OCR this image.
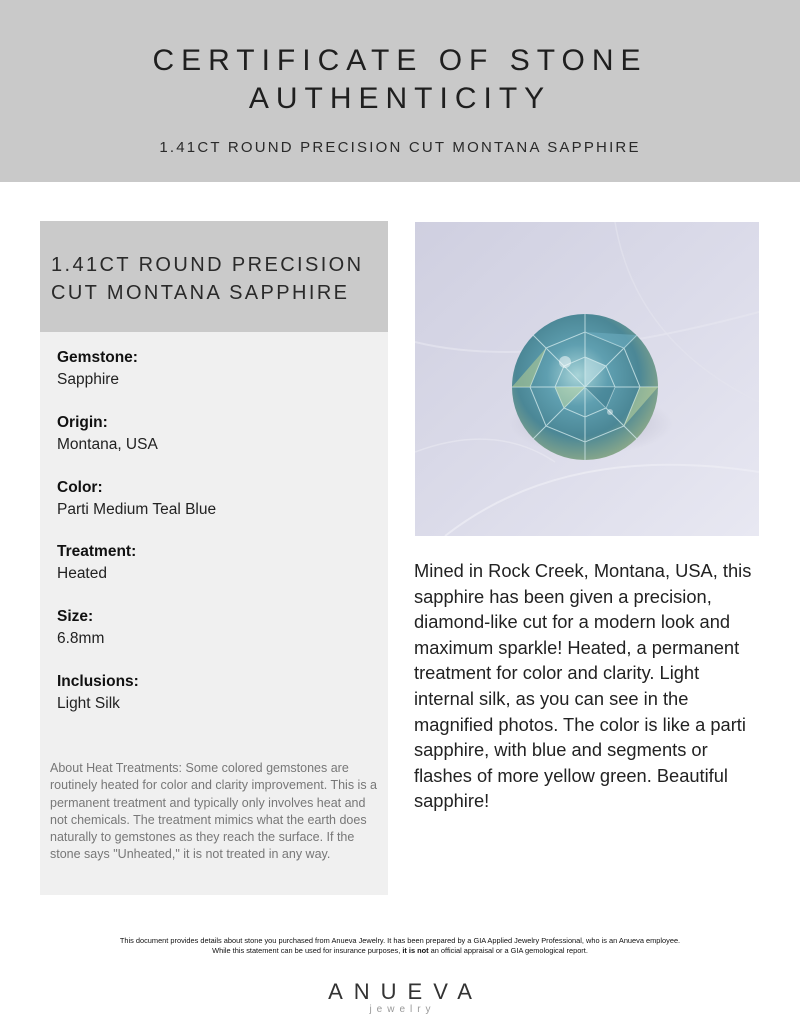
CERTIFICATE OF STONE
AUTHENTICITY
1.41CT ROUND PRECISION CUT MONTANA SAPPHIRE
1.41CT ROUND PRECISION
CUT MONTANA SAPPHIRE
Gemstone:
Sapphire
Origin:
Montana, USA
Color:
Parti Medium Teal Blue
Treatment:
Heated
Size:
6.8mm
Inclusions:
Light Silk
About Heat Treatments: Some colored gemstones are routinely heated for color and clarity improvement. This is a permanent treatment and typically only involves heat and not chemicals. The treatment mimics what the earth does naturally to gemstones as they reach the surface. If the stone says "Unheated," it is not treated in any way.
Mined in Rock Creek, Montana, USA, this sapphire has been given a precision, diamond-like cut for a modern look and maximum sparkle! Heated, a permanent treatment for color and clarity. Light internal silk, as you can see in the magnified photos. The color is like a parti sapphire, with blue and segments or flashes of more yellow green. Beautiful sapphire!
This document provides details about stone you purchased from Anueva Jewelry. It has been prepared by a GIA Applied Jewelry Professional, who is an Anueva employee.
While this statement can be used for insurance purposes, it is not an official appraisal or a GIA gemological report.
ANUEVA
jewelry
